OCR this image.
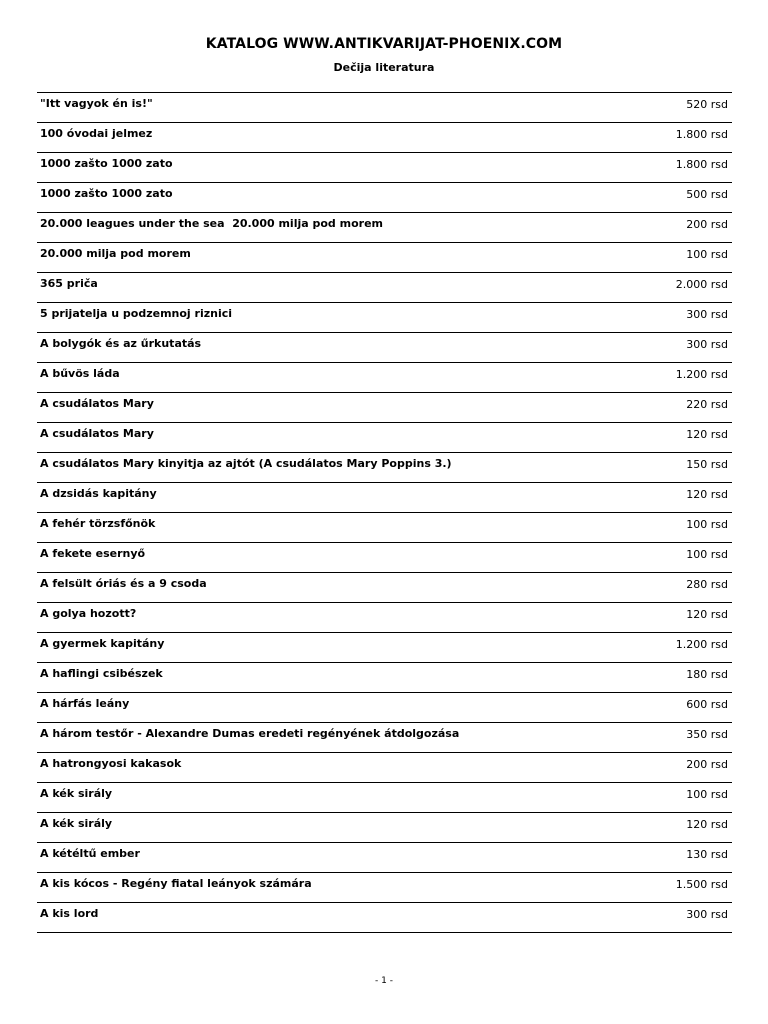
KATALOG WWW.ANTIKVARIJAT-PHOENIX.COM
Dečija literatura
"Itt vagyok én is!"	520 rsd
100 óvodai jelmez	1.800 rsd
1000 zašto 1000 zato	1.800 rsd
1000 zašto 1000 zato	500 rsd
20.000 leagues under the sea  20.000 milja pod morem	200 rsd
20.000 milja pod morem	100 rsd
365 priča	2.000 rsd
5 prijatelja u podzemnoj riznici	300 rsd
A bolygók és az űrkutatás	300 rsd
A bűvös láda	1.200 rsd
A csudálatos Mary	220 rsd
A csudálatos Mary	120 rsd
A csudálatos Mary kinyitja az ajtót (A csudálatos Mary Poppins 3.)	150 rsd
A dzsidás kapitány	120 rsd
A fehér törzsfőnök	100 rsd
A fekete esernyő	100 rsd
A felsült óriás és a 9 csoda	280 rsd
A golya hozott?	120 rsd
A gyermek kapitány	1.200 rsd
A haflingi csibészek	180 rsd
A hárfás leány	600 rsd
A három testőr - Alexandre Dumas eredeti regényének átdolgozása	350 rsd
A hatrongyosi kakasok	200 rsd
A kék sirály	100 rsd
A kék sirály	120 rsd
A kétéltű ember	130 rsd
A kis kócos - Regény fiatal leányok számára	1.500 rsd
A kis lord	300 rsd
- 1 -
